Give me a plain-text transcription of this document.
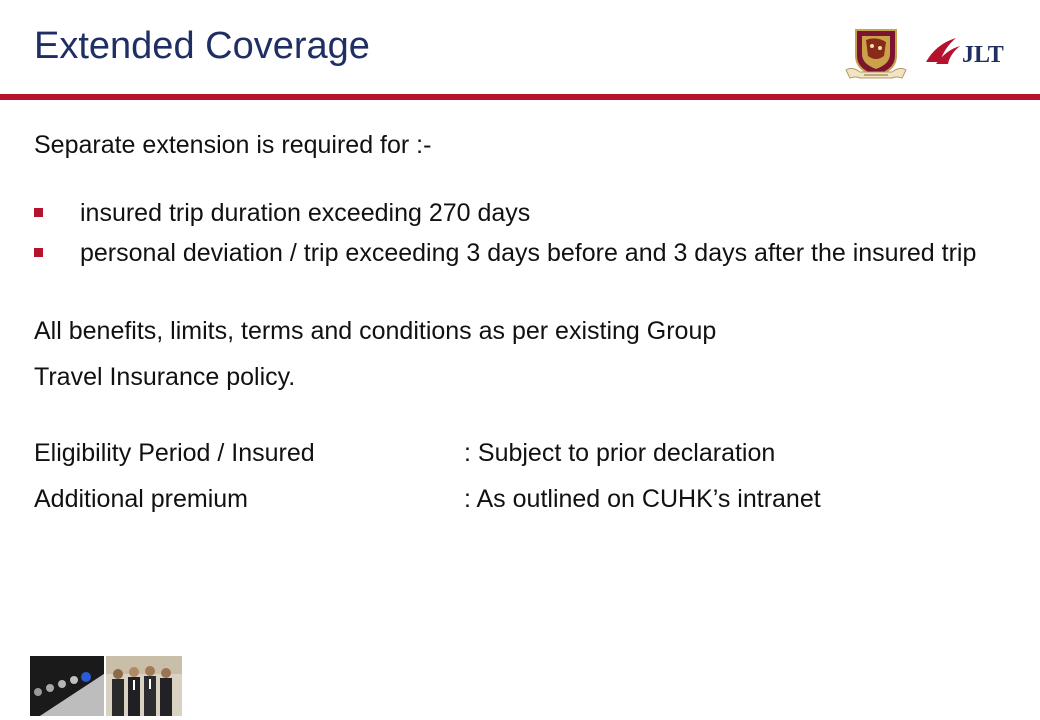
Extended Coverage	JLT

Separate extension is required for :-

insured trip duration exceeding 270 days
personal deviation / trip exceeding 3 days before and 3 days after the insured trip

All benefits, limits, terms and conditions as per existing Group

Travel Insurance policy.

Eligibility Period / Insured	: Subject to prior declaration
Additional premium	: As outlined on CUHK’s intranet
